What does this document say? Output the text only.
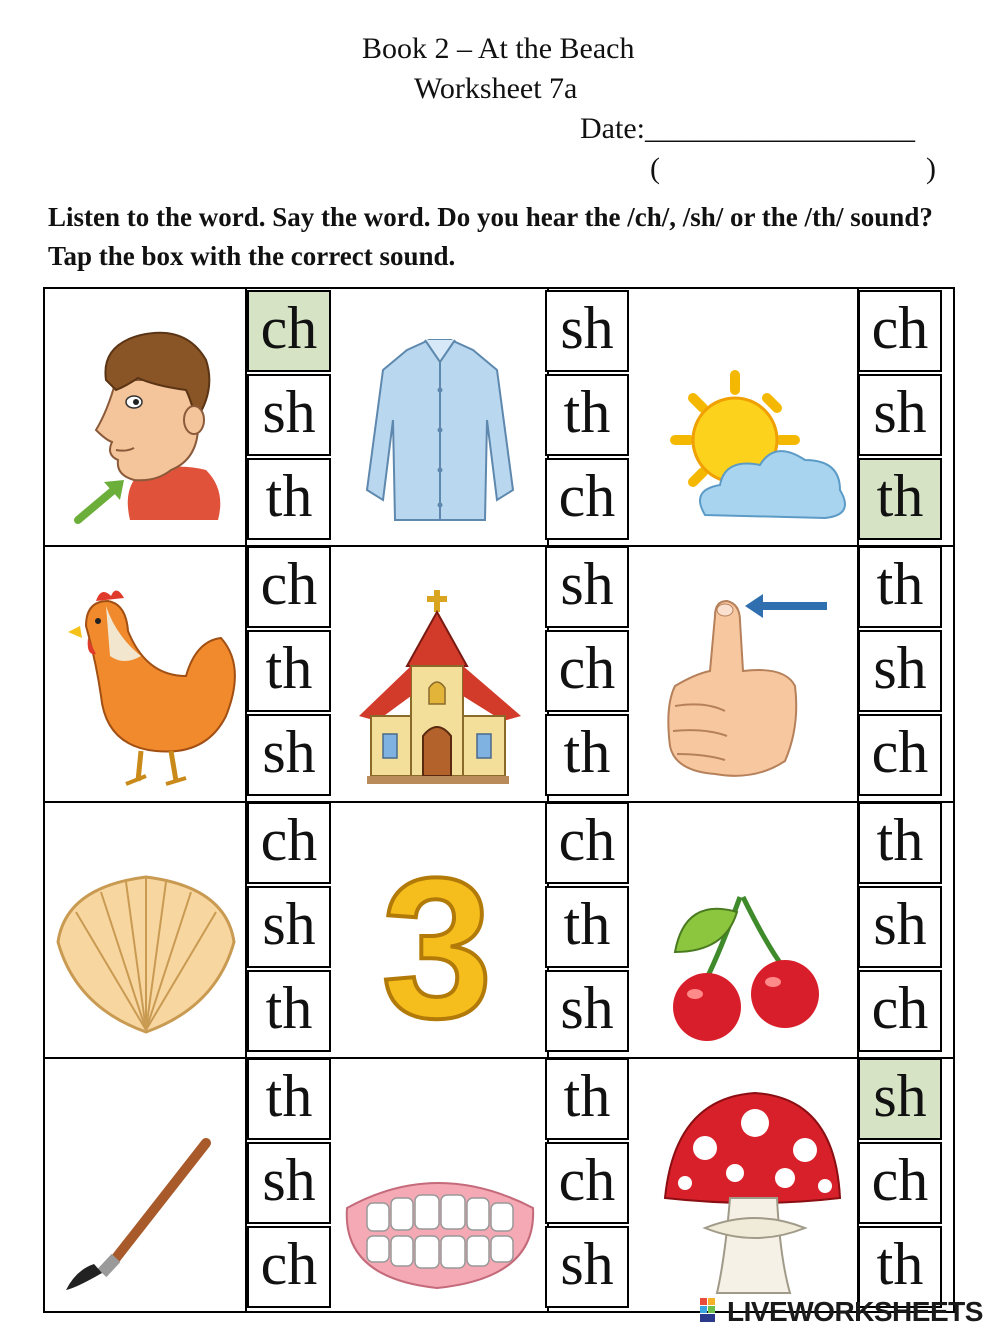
Book 2 – At the Beach
Worksheet 7a
Date:__________________
(	)
Listen to the word. Say the word. Do you hear the /ch/, /sh/ or the /th/ sound? Tap the box with the correct sound.
3
ch
sh
th
sh
th
ch
ch
sh
th
ch
th
sh
sh
ch
th
th
sh
ch
ch
sh
th
ch
th
sh
th
sh
ch
th
sh
ch
th
ch
sh
sh
ch
th
LIVEWORKSHEETS
